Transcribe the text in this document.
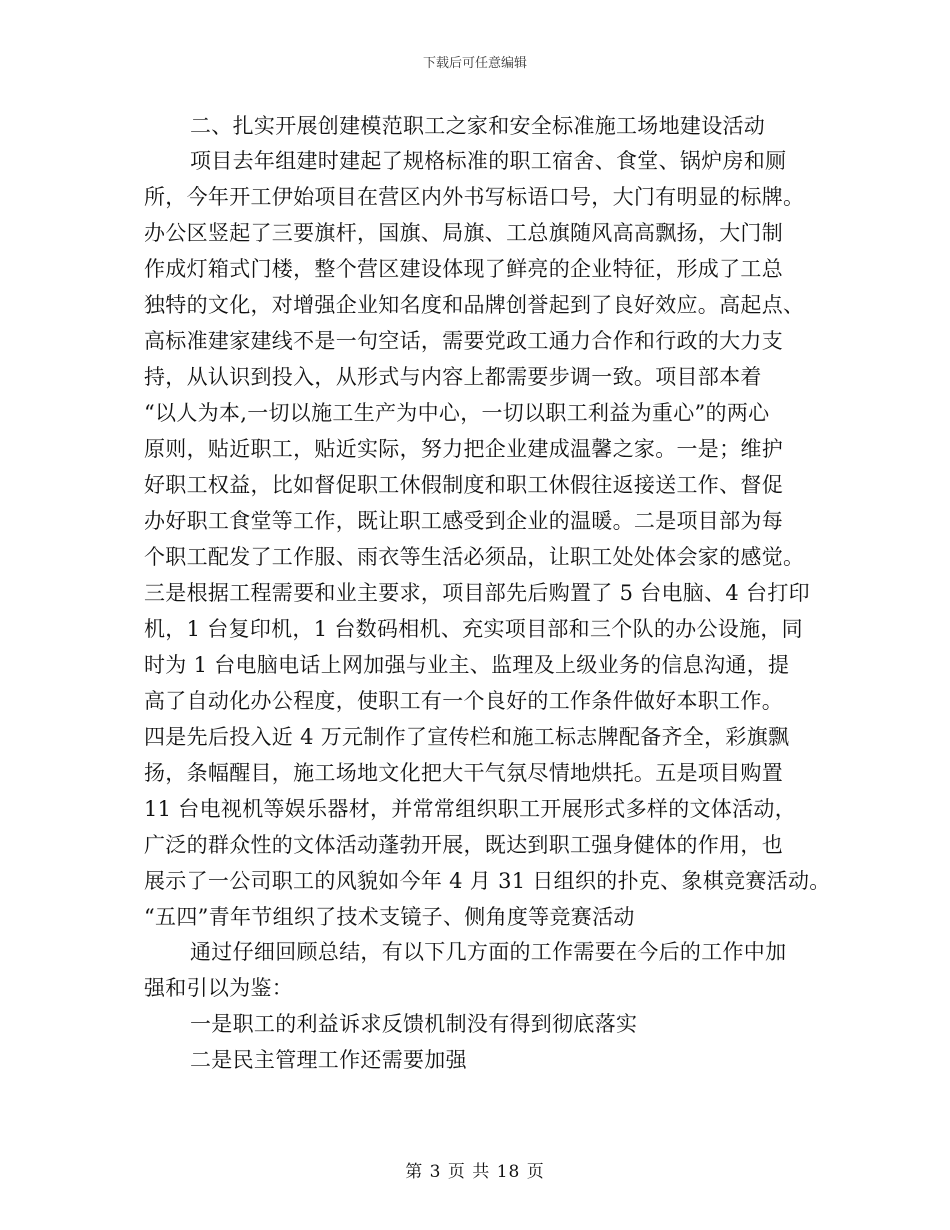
下载后可任意编辑
二、扎实开展创建模范职工之家和安全标准施工场地建设活动
项目去年组建时建起了规格标准的职工宿舍、食堂、锅炉房和厕
所，今年开工伊始项目在营区内外书写标语口号，大门有明显的标牌。
办公区竖起了三要旗杆，国旗、局旗、工总旗随风高高飘扬，大门制
作成灯箱式门楼，整个营区建设体现了鲜亮的企业特征，形成了工总
独特的文化，对增强企业知名度和品牌创誉起到了良好效应。高起点、
高标准建家建线不是一句空话，需要党政工通力合作和行政的大力支
持，从认识到投入，从形式与内容上都需要步调一致。项目部本着
“以人为本,一切以施工生产为中心，一切以职工利益为重心”的两心
原则，贴近职工，贴近实际，努力把企业建成温馨之家。一是；维护
好职工权益，比如督促职工休假制度和职工休假往返接送工作、督促
办好职工食堂等工作，既让职工感受到企业的温暖。二是项目部为每
个职工配发了工作服、雨衣等生活必须品，让职工处处体会家的感觉。
三是根据工程需要和业主要求，项目部先后购置了 5 台电脑、4 台打印
机，1 台复印机，1 台数码相机、充实项目部和三个队的办公设施，同
时为 1 台电脑电话上网加强与业主、监理及上级业务的信息沟通，提
高了自动化办公程度，使职工有一个良好的工作条件做好本职工作。
四是先后投入近 4 万元制作了宣传栏和施工标志牌配备齐全，彩旗飘
扬，条幅醒目，施工场地文化把大干气氛尽情地烘托。五是项目购置
11 台电视机等娱乐器材，并常常组织职工开展形式多样的文体活动，
广泛的群众性的文体活动蓬勃开展，既达到职工强身健体的作用，也
展示了一公司职工的风貌如今年 4 月 31 日组织的扑克、象棋竞赛活动。
“五四”青年节组织了技术支镜子、侧角度等竞赛活动
通过仔细回顾总结，有以下几方面的工作需要在今后的工作中加
强和引以为鉴：
一是职工的利益诉求反馈机制没有得到彻底落实
二是民主管理工作还需要加强
第 3 页 共 18 页
